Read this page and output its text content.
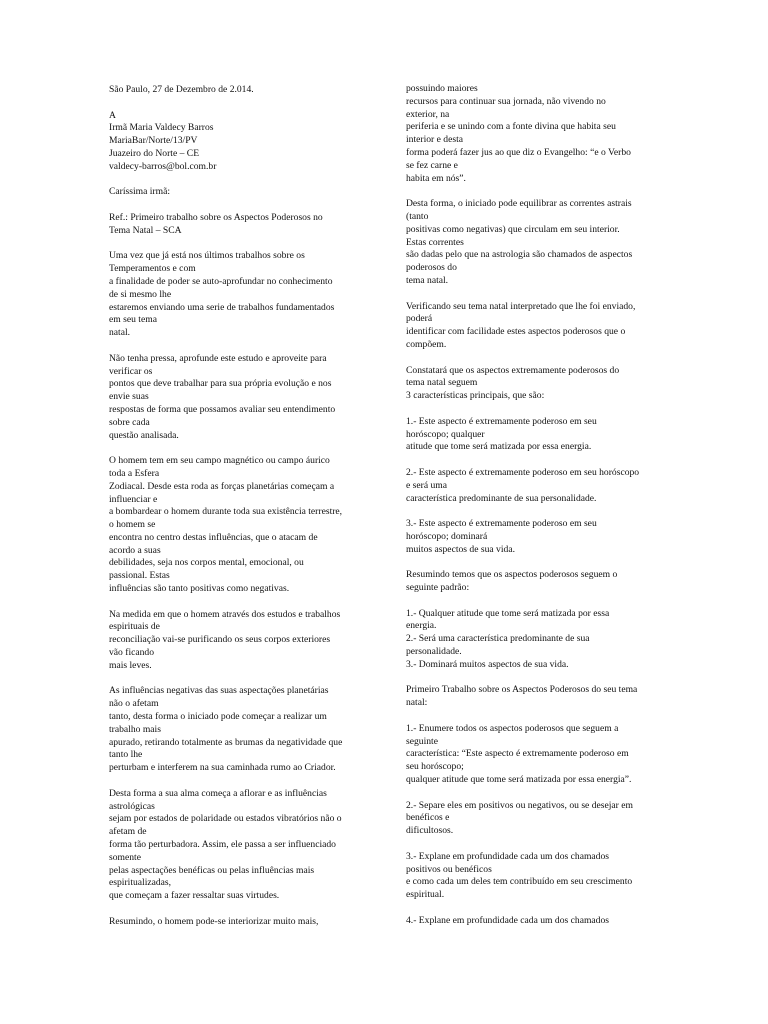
São Paulo, 27 de Dezembro de 2.014.

A
Irmã Maria Valdecy Barros
MariaBar/Norte/13/PV
Juazeiro do Norte – CE
valdecy-barros@bol.com.br

Caríssima irmã:

Ref.: Primeiro trabalho sobre os Aspectos Poderosos no
Tema Natal – SCA

Uma vez que já está nos últimos trabalhos sobre os
Temperamentos e com
a finalidade de poder se auto-aprofundar no conhecimento
de si mesmo lhe
estaremos enviando uma serie de trabalhos fundamentados
em seu tema
natal.

Não tenha pressa, aprofunde este estudo e aproveite para
verificar os
pontos que deve trabalhar para sua própria evolução e nos
envie suas
respostas de forma que possamos avaliar seu entendimento
sobre cada
questão analisada.

O homem tem em seu campo magnético ou campo áurico
toda a Esfera
Zodiacal. Desde esta roda as forças planetárias começam a
influenciar e
a bombardear o homem durante toda sua existência terrestre,
o homem se
encontra no centro destas influências, que o atacam de
acordo a suas
debilidades, seja nos corpos mental, emocional, ou
passional. Estas
influências são tanto positivas como negativas.

Na medida em que o homem através dos estudos e trabalhos
espirituais de
reconciliação vai-se purificando os seus corpos exteriores
vão ficando
mais leves.

As influências negativas das suas aspectações planetárias
não o afetam
tanto, desta forma o iniciado pode começar a realizar um
trabalho mais
apurado, retirando totalmente as brumas da negatividade que
tanto lhe
perturbam e interferem na sua caminhada rumo ao Criador.

Desta forma a sua alma começa a aflorar e as influências
astrológicas
sejam por estados de polaridade ou estados vibratórios não o
afetam de
forma tão perturbadora. Assim, ele passa a ser influenciado
somente
pelas aspectações benéficas ou pelas influências mais
espiritualizadas,
que começam a fazer ressaltar suas virtudes.

Resumindo, o homem pode-se interiorizar muito mais,

possuindo maiores
recursos para continuar sua jornada, não vivendo no
exterior, na
periferia e se unindo com a fonte divina que habita seu
interior e desta
forma poderá fazer jus ao que diz o Evangelho: “e o Verbo
se fez carne e
habita em nós”.

Desta forma, o iniciado pode equilibrar as correntes astrais
(tanto
positivas como negativas) que circulam em seu interior.
Estas correntes
são dadas pelo que na astrologia são chamados de aspectos
poderosos do
tema natal.

Verificando seu tema natal interpretado que lhe foi enviado,
poderá
identificar com facilidade estes aspectos poderosos que o
compõem.

Constatará que os aspectos extremamente poderosos do
tema natal seguem
3 características principais, que são:

1.- Este aspecto é extremamente poderoso em seu
horóscopo; qualquer
atitude que tome será matizada por essa energia.

2.- Este aspecto é extremamente poderoso em seu horóscopo
e será uma
característica predominante de sua personalidade.

3.- Este aspecto é extremamente poderoso em seu
horóscopo; dominará
muitos aspectos de sua vida.

Resumindo temos que os aspectos poderosos seguem o
seguinte padrão:

1.- Qualquer atitude que tome será matizada por essa
energia.
2.- Será uma característica predominante de sua
personalidade.
3.- Dominará muitos aspectos de sua vida.

Primeiro Trabalho sobre os Aspectos Poderosos do seu tema
natal:

1.- Enumere todos os aspectos poderosos que seguem a
seguinte
característica: “Este aspecto é extremamente poderoso em
seu horóscopo;
qualquer atitude que tome será matizada por essa energia”.

2.- Separe eles em positivos ou negativos, ou se desejar em
benéficos e
dificultosos.

3.- Explane em profundidade cada um dos chamados
positivos ou benéficos
e como cada um deles tem contribuído em seu crescimento
espiritual.

4.- Explane em profundidade cada um dos chamados
